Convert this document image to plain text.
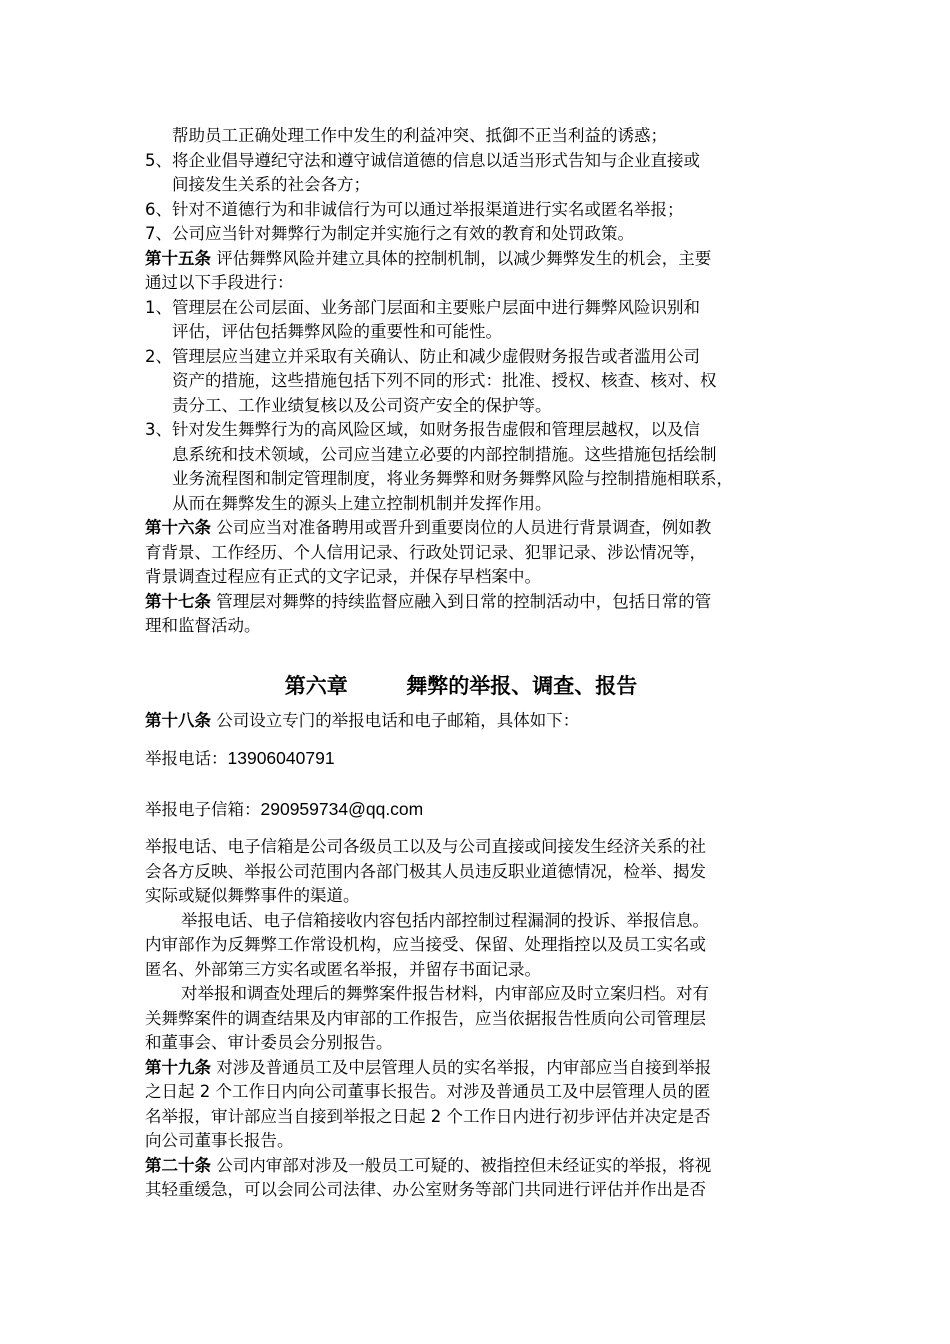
帮助员工正确处理工作中发生的利益冲突、抵御不正当利益的诱惑；
5、 将企业倡导遵纪守法和遵守诚信道德的信息以适当形式告知与企业直接或
间接发生关系的社会各方；
6、 针对不道德行为和非诚信行为可以通过举报渠道进行实名或匿名举报；
7、 公司应当针对舞弊行为制定并实施行之有效的教育和处罚政策。
第十五条 评估舞弊风险并建立具体的控制机制，以减少舞弊发生的机会，主要
通过以下手段进行：
1、 管理层在公司层面、业务部门层面和主要账户层面中进行舞弊风险识别和
评估，评估包括舞弊风险的重要性和可能性。
2、 管理层应当建立并采取有关确认、防止和减少虚假财务报告或者滥用公司
资产的措施，这些措施包括下列不同的形式：批准、授权、核查、核对、权
责分工、工作业绩复核以及公司资产安全的保护等。
3、 针对发生舞弊行为的高风险区域，如财务报告虚假和管理层越权，以及信
息系统和技术领域，公司应当建立必要的内部控制措施。这些措施包括绘制
业务流程图和制定管理制度，将业务舞弊和财务舞弊风险与控制措施相联系，
从而在舞弊发生的源头上建立控制机制并发挥作用。
第十六条 公司应当对准备聘用或晋升到重要岗位的人员进行背景调查，例如教
育背景、工作经历、个人信用记录、行政处罚记录、犯罪记录、涉讼情况等，
背景调查过程应有正式的文字记录，并保存早档案中。
第十七条 管理层对舞弊的持续监督应融入到日常的控制活动中，包括日常的管
理和监督活动。
第六章	舞弊的举报、调查、报告
第十八条 公司设立专门的举报电话和电子邮箱，具体如下：
举报电话：13906040791
举报电子信箱：290959734@qq.com
举报电话、电子信箱是公司各级员工以及与公司直接或间接发生经济关系的社
会各方反映、举报公司范围内各部门极其人员违反职业道德情况，检举、揭发
实际或疑似舞弊事件的渠道。
举报电话、电子信箱接收内容包括内部控制过程漏洞的投诉、举报信息。
内审部作为反舞弊工作常设机构，应当接受、保留、处理指控以及员工实名或
匿名、外部第三方实名或匿名举报，并留存书面记录。
对举报和调查处理后的舞弊案件报告材料，内审部应及时立案归档。对有
关舞弊案件的调查结果及内审部的工作报告，应当依据报告性质向公司管理层
和董事会、审计委员会分别报告。
第十九条 对涉及普通员工及中层管理人员的实名举报，内审部应当自接到举报
之日起 2 个工作日内向公司董事长报告。对涉及普通员工及中层管理人员的匿
名举报，审计部应当自接到举报之日起 2 个工作日内进行初步评估并决定是否
向公司董事长报告。
第二十条 公司内审部对涉及一般员工可疑的、被指控但未经证实的举报，将视
其轻重缓急，可以会同公司法律、办公室财务等部门共同进行评估并作出是否
